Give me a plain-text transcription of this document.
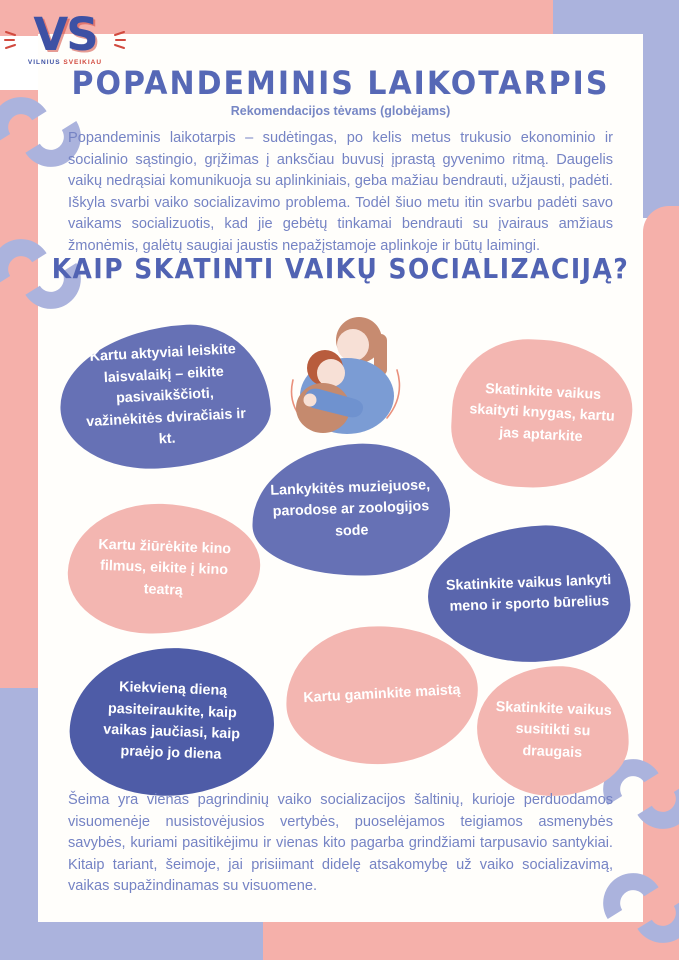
VS
VILNIUS SVEIKIAU
POPANDEMINIS LAIKOTARPIS
Rekomendacijos tėvams (globėjams)
Popandeminis laikotarpis – sudėtingas, po kelis metus trukusio ekonominio ir socialinio sąstingio, grįžimas į anksčiau buvusį įprastą gyvenimo ritmą. Daugelis vaikų nedrąsiai komunikuoja su aplinkiniais, geba mažiau bendrauti, užjausti, padėti. Iškyla svarbi vaiko socializavimo problema. Todėl šiuo metu itin svarbu padėti savo vaikams socializuotis, kad jie gebėtų tinkamai bendrauti su įvairaus amžiaus žmonėmis, galėtų saugiai jaustis nepažįstamoje aplinkoje ir būtų laimingi.
KAIP SKATINTI VAIKŲ SOCIALIZACIJĄ?
Kartu aktyviai leiskite laisvalaikį – eikite pasivaikščioti, važinėkitės dviračiais ir kt.
Skatinkite vaikus skaityti knygas, kartu jas aptarkite
Lankykitės muziejuose, parodose ar zoologijos sode
Kartu žiūrėkite kino filmus, eikite į kino teatrą	Skatinkite vaikus lankyti meno ir sporto būrelius
Kiekvieną dieną pasiteiraukite, kaip vaikas jaučiasi, kaip praėjo jo diena
Kartu gaminkite maistą
Skatinkite vaikus susitikti su draugais
Šeima yra vienas pagrindinių vaiko socializacijos šaltinių, kurioje perduodamos visuomenėje nusistovėjusios vertybės, puoselėjamos teigiamos asmenybės savybės, kuriami pasitikėjimu ir vienas kito pagarba grindžiami tarpusavio santykiai. Kitaip tariant, šeimoje, jai prisiimant didelę atsakomybę už vaiko socializavimą, vaikas supažindinamas su visuomene.
